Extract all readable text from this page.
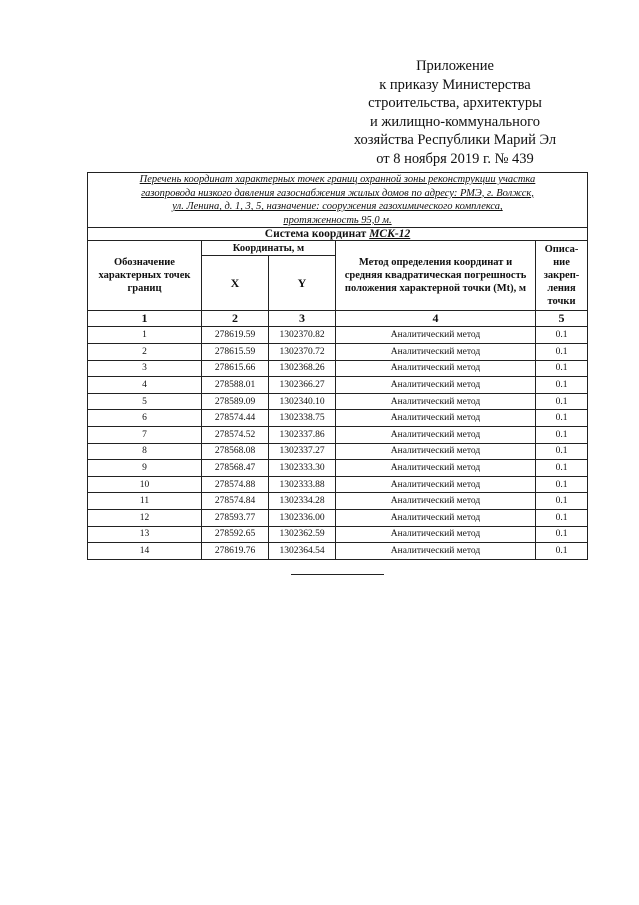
Приложение
к приказу Министерства
строительства, архитектуры
и жилищно-коммунального
хозяйства Республики Марий Эл
от 8 ноября 2019 г. № 439
Перечень координат характерных точек границ охранной зоны реконструкции участка
газопровода низкого давления газоснабжения жилых домов по адресу: РМЭ, г. Волжск,
ул. Ленина, д. 1, 3, 5, назначение: сооружения газохимического комплекса,
протяженность 95,0 м.				

Система координат МСК-12				
Обозначение характерных точек границ	Координаты, м		Метод определения координат и средняя квадратическая погрешность положения характерной точки (Mt), м	Описа-
ние
закреп-
ления
точки

	X	Y		
1	2	3	4	5
1	278619.59	1302370.82	Аналитический метод	0.1
2	278615.59	1302370.72	Аналитический метод	0.1
3	278615.66	1302368.26	Аналитический метод	0.1
4	278588.01	1302366.27	Аналитический метод	0.1
5	278589.09	1302340.10	Аналитический метод	0.1
6	278574.44	1302338.75	Аналитический метод	0.1
7	278574.52	1302337.86	Аналитический метод	0.1
8	278568.08	1302337.27	Аналитический метод	0.1
9	278568.47	1302333.30	Аналитический метод	0.1
10	278574.88	1302333.88	Аналитический метод	0.1
11	278574.84	1302334.28	Аналитический метод	0.1
12	278593.77	1302336.00	Аналитический метод	0.1
13	278592.65	1302362.59	Аналитический метод	0.1
14	278619.76	1302364.54	Аналитический метод	0.1
